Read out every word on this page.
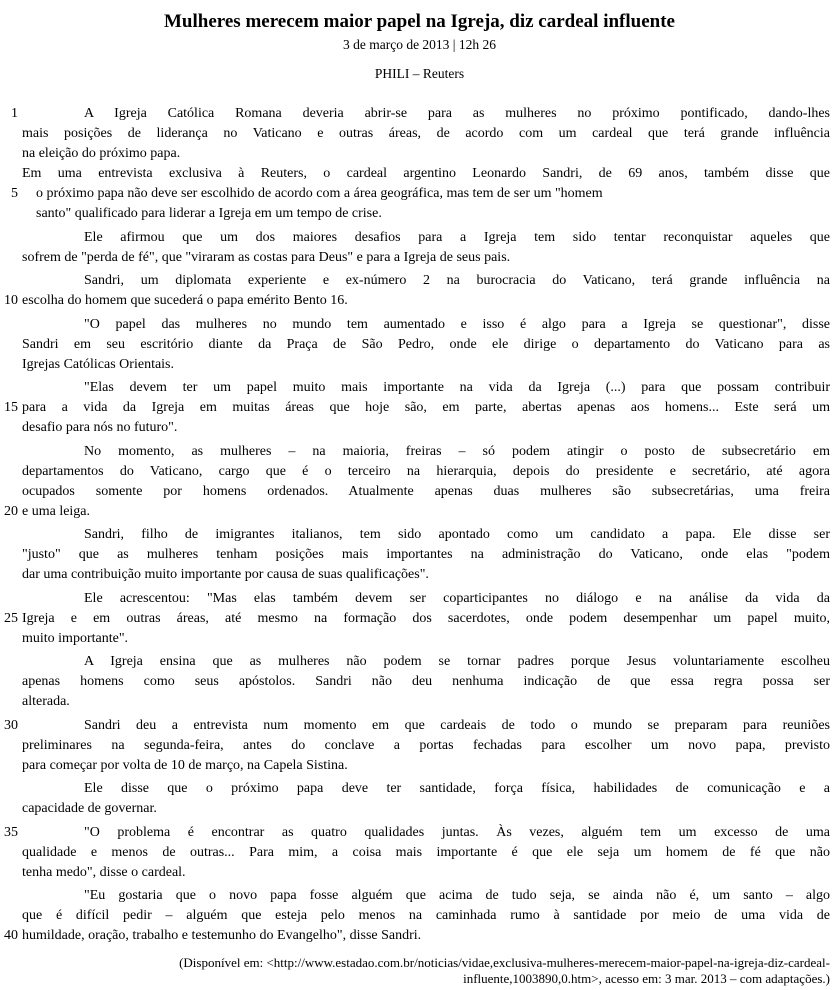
Mulheres merecem maior papel na Igreja, diz cardeal influente
3 de março de 2013 | 12h 26
PHILI – Reuters
1	A Igreja Católica Romana deveria abrir-se para as mulheres no próximo pontificado, dando-lhes
mais posições de liderança no Vaticano e outras áreas, de acordo com um cardeal que terá grande influência
na eleição do próximo papa.
Em uma entrevista exclusiva à Reuters, o cardeal argentino Leonardo Sandri, de 69 anos, também disse que
5 o próximo papa não deve ser escolhido de acordo com a área geográfica, mas tem de ser um "homem
santo" qualificado para liderar a Igreja em um tempo de crise.
Ele afirmou que um dos maiores desafios para a Igreja tem sido tentar reconquistar aqueles que
sofrem de "perda de fé", que "viraram as costas para Deus" e para a Igreja de seus pais.
Sandri, um diplomata experiente e ex-número 2 na burocracia do Vaticano, terá grande influência na
10 escolha do homem que sucederá o papa emérito Bento 16.
"O papel das mulheres no mundo tem aumentado e isso é algo para a Igreja se questionar", disse
Sandri em seu escritório diante da Praça de São Pedro, onde ele dirige o departamento do Vaticano para as
Igrejas Católicas Orientais.
"Elas devem ter um papel muito mais importante na vida da Igreja (...) para que possam contribuir
15 para a vida da Igreja em muitas áreas que hoje são, em parte, abertas apenas aos homens... Este será um
desafio para nós no futuro".
No momento, as mulheres – na maioria, freiras – só podem atingir o posto de subsecretário em
departamentos do Vaticano, cargo que é o terceiro na hierarquia, depois do presidente e secretário, até agora
ocupados somente por homens ordenados. Atualmente apenas duas mulheres são subsecretárias, uma freira
20 e uma leiga.
Sandri, filho de imigrantes italianos, tem sido apontado como um candidato a papa. Ele disse ser
"justo" que as mulheres tenham posições mais importantes na administração do Vaticano, onde elas "podem
dar uma contribuição muito importante por causa de suas qualificações".
Ele acrescentou: "Mas elas também devem ser coparticipantes no diálogo e na análise da vida da
25 Igreja e em outras áreas, até mesmo na formação dos sacerdotes, onde podem desempenhar um papel muito,
muito importante".
A Igreja ensina que as mulheres não podem se tornar padres porque Jesus voluntariamente escolheu
apenas homens como seus apóstolos. Sandri não deu nenhuma indicação de que essa regra possa ser
alterada.
30	Sandri deu a entrevista num momento em que cardeais de todo o mundo se preparam para reuniões
preliminares na segunda-feira, antes do conclave a portas fechadas para escolher um novo papa, previsto
para começar por volta de 10 de março, na Capela Sistina.
Ele disse que o próximo papa deve ter santidade, força física, habilidades de comunicação e a
capacidade de governar.
35	"O problema é encontrar as quatro qualidades juntas. Às vezes, alguém tem um excesso de uma
qualidade e menos de outras... Para mim, a coisa mais importante é que ele seja um homem de fé que não
tenha medo", disse o cardeal.
"Eu gostaria que o novo papa fosse alguém que acima de tudo seja, se ainda não é, um santo – algo
que é difícil pedir – alguém que esteja pelo menos na caminhada rumo à santidade por meio de uma vida de
40 humildade, oração, trabalho e testemunho do Evangelho", disse Sandri.
(Disponível em: <http://www.estadao.com.br/noticias/vidae,exclusiva-mulheres-merecem-maior-papel-na-igreja-diz-cardeal-
influente,1003890,0.htm>, acesso em: 3 mar. 2013 – com adaptações.)
